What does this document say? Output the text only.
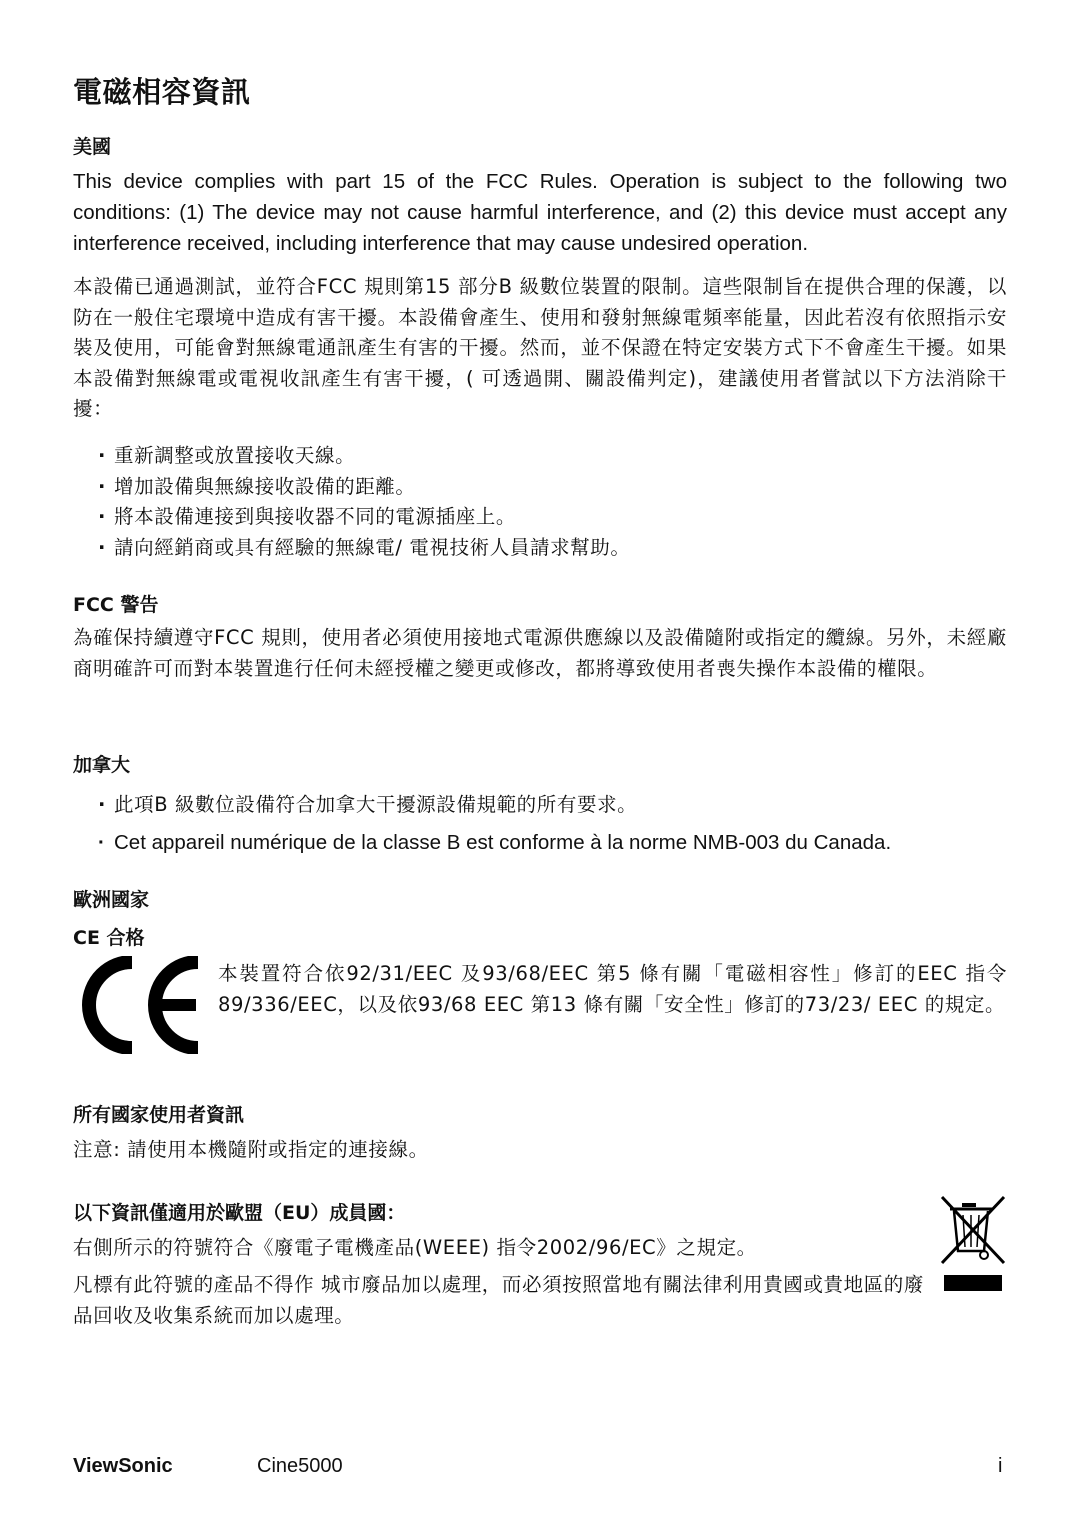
電磁相容資訊
美國
This device complies with part 15 of the FCC Rules. Operation is subject to the following two conditions: (1) The device may not cause harmful interference, and (2) this device must accept any interference received, including interference that may cause undesired operation.
本設備已通過測試，並符合FCC 規則第15 部分B 級數位裝置的限制。這些限制旨在提供合理的保護，以防在一般住宅環境中造成有害干擾。本設備會產生、使用和發射無線電頻率能量，因此若沒有依照指示安裝及使用，可能會對無線電通訊產生有害的干擾。然而，並不保證在特定安裝方式下不會產生干擾。如果本設備對無線電或電視收訊產生有害干擾，( 可透過開、關設備判定)，建議使用者嘗試以下方法消除干擾：
· 重新調整或放置接收天線。
· 增加設備與無線接收設備的距離。
· 將本設備連接到與接收器不同的電源插座上。
· 請向經銷商或具有經驗的無線電/ 電視技術人員請求幫助。
FCC 警告
為確保持續遵守FCC 規則，使用者必須使用接地式電源供應線以及設備隨附或指定的纜線。另外，未經廠商明確許可而對本裝置進行任何未經授權之變更或修改，都將導致使用者喪失操作本設備的權限。
加拿大
· 此項B 級數位設備符合加拿大干擾源設備規範的所有要求。
· Cet appareil numérique de la classe B est conforme à la norme NMB-003 du Canada.
歐洲國家
CE 合格
本裝置符合依92/31/EEC 及93/68/EEC 第5 條有關「電磁相容性」修訂的EEC 指令89/336/EEC，以及依93/68 EEC 第13 條有關「安全性」修訂的73/23/ EEC 的規定。
所有國家使用者資訊
注意: 請使用本機隨附或指定的連接線。
以下資訊僅適用於歐盟（EU）成員國：
右側所示的符號符合《廢電子電機產品(WEEE) 指令2002/96/EC》之規定。
凡標有此符號的產品不得作 城市廢品加以處理，而必須按照當地有關法律利用貴國或貴地區的廢品回收及收集系統而加以處理。
ViewSonic	Cine5000	i
